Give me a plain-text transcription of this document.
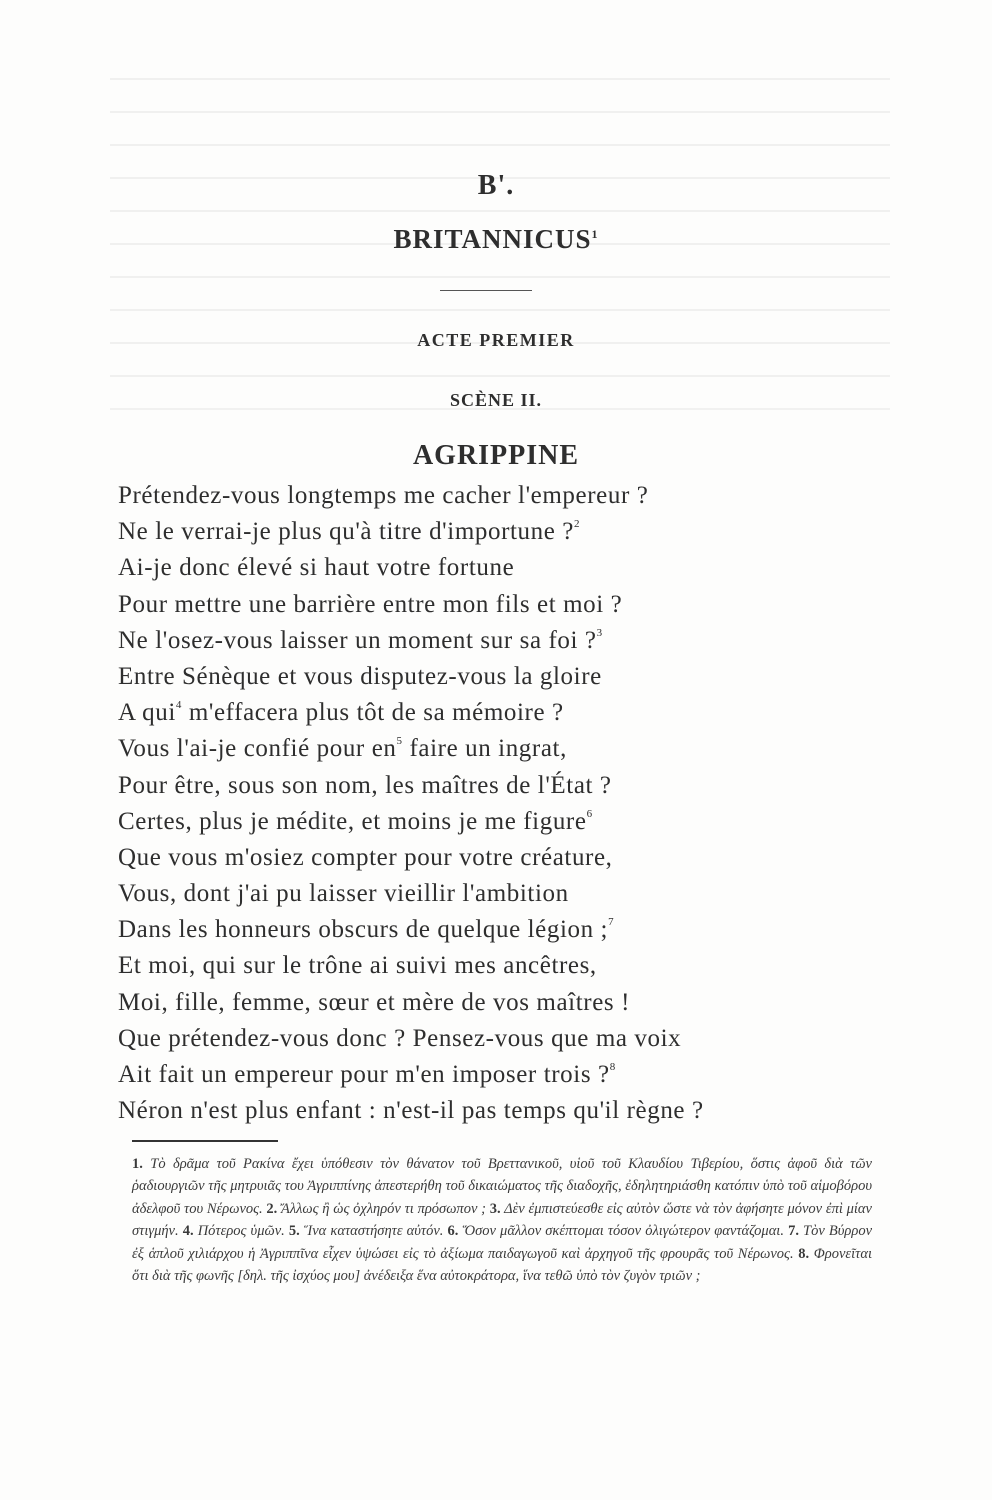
B'.
BRITANNICUS$^1$
ACTE PREMIER
SCÈNE II.
AGRIPPINE
Prétendez-vous longtemps me cacher l'empereur ?
Ne le verrai-je plus qu'à titre d'importune ?$^2$
Ai-je donc élevé si haut votre fortune
Pour mettre une barrière entre mon fils et moi ?
Ne l'osez-vous laisser un moment sur sa foi ?$^3$
Entre Sénèque et vous disputez-vous la gloire
A qui$^4$ m'effacera plus tôt de sa mémoire ?
Vous l'ai-je confié pour $en^5$ faire un ingrat,
Pour être, sous son nom, les maîtres de l'État ?
Certes, plus je médite, et moins je me figure$^6$
Que vous m'osiez compter pour votre créature,
Vous, dont j'ai pu laisser vieillir l'ambition
Dans les honneurs obscurs de quelque légion ;$^7$
Et moi, qui sur le trône ai suivi mes ancêtres,
Moi, fille, femme, sœur et mère de vos maîtres !
Que prétendez-vous donc ? Pensez-vous que ma voix
Ait fait un empereur pour m'en imposer trois ?$^8$
Néron n'est plus enfant : n'est-il pas temps qu'il règne ?

1. Τὸ δρᾶμα τοῦ Ρακίνα ἔχει ὑπόθεσιν τὸν θάνατον τοῦ Βρεττανικοῦ, υἱοῦ τοῦ Κλαυδίου Τιβερίου, ὅστις ἀφοῦ διὰ τῶν ῥαδιουργιῶν τῆς μητρυιᾶς του Ἀγριππίνης ἀπεστερήθη τοῦ δικαιώματος τῆς διαδοχῆς, ἐδηλητηριάσθη κατόπιν ὑπὸ τοῦ αἱμοβόρου ἀδελφοῦ του Νέρωνος. 2. Ἄλλως ἢ ὡς ὀχληρόν τι πρόσωπον ; 3. Δὲν ἐμπιστεύεσθε εἰς αὐτὸν ὥστε νὰ τὸν ἀφήσητε μόνον ἐπὶ μίαν στιγμήν. 4. Πότερος ὑμῶν. 5. Ἵνα καταστήσητε αὐτόν. 6. Ὅσον μᾶλλον σκέπτομαι τόσον ὀλιγώτερον φαντάζομαι. 7. Τὸν Βύρρον ἐξ ἁπλοῦ χιλιάρχου ἡ Ἀγριππῖνα εἶχεν ὑψώσει εἰς τὸ ἀξίωμα παιδαγωγοῦ καὶ ἀρχηγοῦ τῆς φρουρᾶς τοῦ Νέρωνος. 8. Φρονεῖται ὅτι διὰ τῆς φωνῆς [δηλ. τῆς ἰσχύος μου] ἀνέδειξα ἕνα αὐτοκράτορα, ἵνα τεθῶ ὑπὸ τὸν ζυγὸν τριῶν ;
